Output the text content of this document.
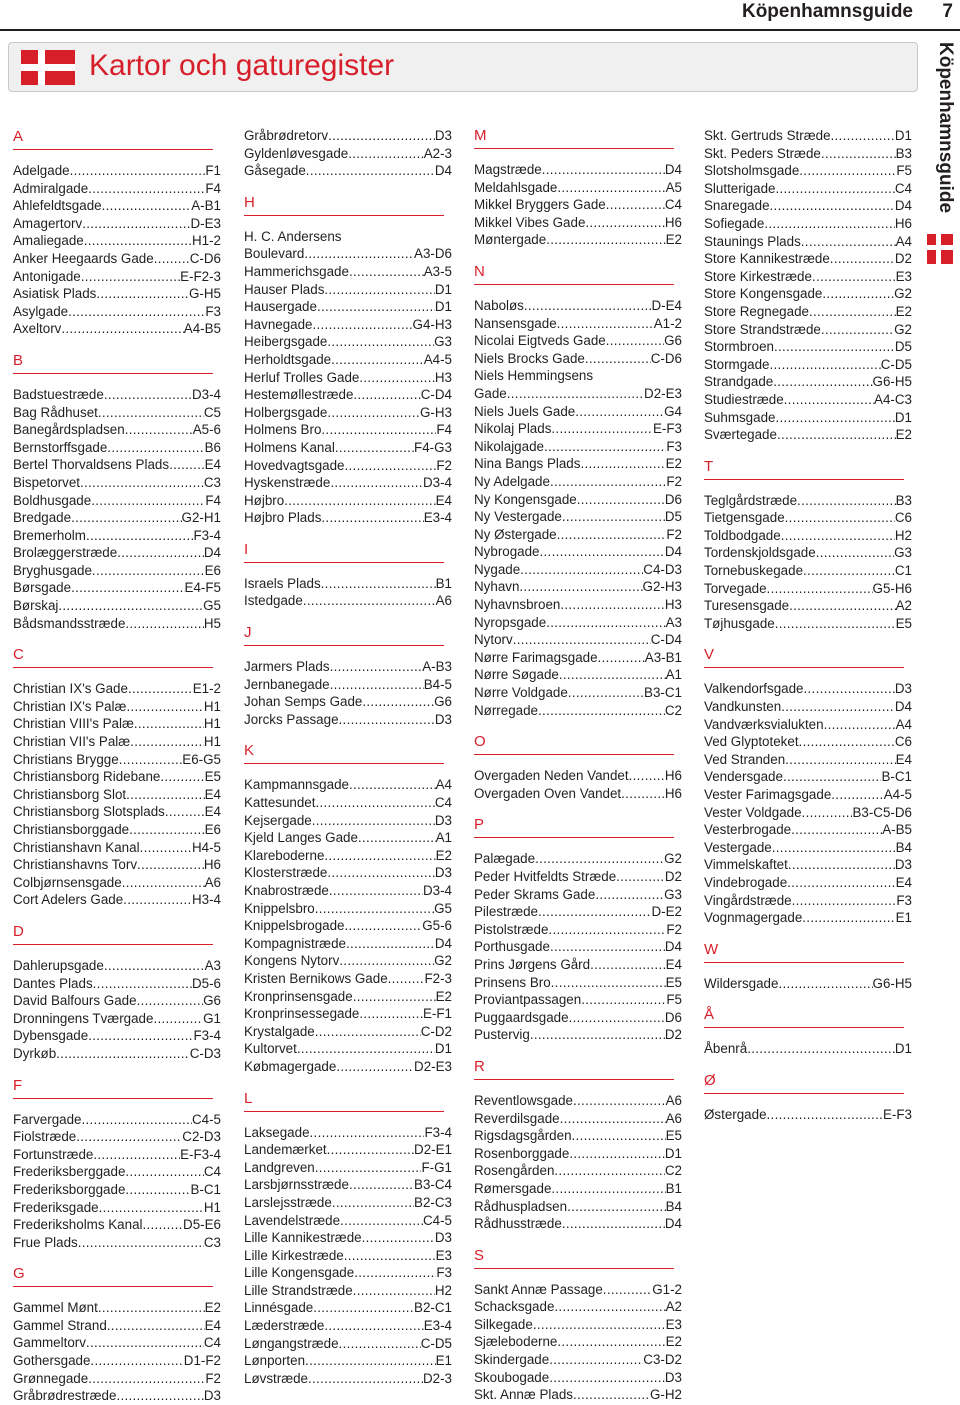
Köpenhamnsguide 7
Kartor och gaturegister	Köpenhamnsguide
A
Adelgade .....	F1
Admiralgade .....	F4
Ahlefeldtsgade .....	A-B1
Amagertorv .....	D-E3
Amaliegade .....	H1-2
Anker Heegaards Gade .....	C-D6
Antonigade .....	E-F2-3
Asiatisk Plads .....	G-H5
Asylgade .....	F3
Axeltorv .....	A4-B5
B
Badstuestræde .....	D3-4
Bag Rådhuset .....	C5
Banegårdspladsen .....	A5-6
Bernstorffsgade .....	B6
Bertel Thorvaldsens Plads .....	E4
Bispetorvet .....	C3
Boldhusgade .....	F4
Bredgade .....	G2-H1
Bremerholm .....	F3-4
Brolæggerstræde .....	D4
Bryghusgade .....	E6
Børsgade .....	E4-F5
Børskaj .....	G5
Bådsmandsstræde .....	H5
C
Christian IX's Gade .....	E1-2
Christian IX's Palæ .....	H1
Christian VIII's Palæ .....	H1
Christian VII's Palæ .....	H1
Christians Brygge .....	E6-G5
Christiansborg Ridebane .....	E5
Christiansborg Slot .....	E4
Christiansborg Slotsplads .....	E4
Christiansborggade .....	E6
Christianshavn Kanal .....	H4-5
Christianshavns Torv .....	H6
Colbjørnsensgade .....	A6
Cort Adelers Gade .....	H3-4
D
Dahlerupsgade .....	A3
Dantes Plads .....	D5-6
David Balfours Gade .....	G6
Dronningens Tværgade .....	G1
Dybensgade .....	F3-4
Dyrkøb .....	C-D3
F
Farvergade .....	C4-5
Fiolstræde .....	C2-D3
Fortunstræde .....	E-F3-4
Frederiksberggade .....	C4
Frederiksborggade .....	B-C1
Frederiksgade .....	H1
Frederiksholms Kanal .....	D5-E6
Frue Plads .....	C3
G
Gammel Mønt .....	E2
Gammel Strand .....	E4
Gammeltorv .....	C4
Gothersgade .....	D1-F2
Grønnegade .....	F2
Gråbrødrestræde .....	D3
Gråbrødretorv .....	D3
Gyldenløvesgade .....	A2-3
Gåsegade .....	D4
H
H. C. Andersens
Boulevard .....	A3-D6
Hammerichsgade .....	A3-5
Hauser Plads .....	D1
Hausergade .....	D1
Havnegade .....	G4-H3
Heibergsgade .....	G3
Herholdtsgade .....	A4-5
Herluf Trolles Gade .....	H3
Hestemøllestræde .....	C-D4
Holbergsgade .....	G-H3
Holmens Bro .....	F4
Holmens Kanal .....	F4-G3
Hovedvagtsgade .....	F2
Hyskenstræde .....	D3-4
Højbro .....	E4
Højbro Plads .....	E3-4
I
Israels Plads .....	B1
Istedgade .....	A6
J
Jarmers Plads .....	A-B3
Jernbanegade .....	B4-5
Johan Semps Gade .....	G6
Jorcks Passage .....	D3
K
Kampmannsgade .....	A4
Kattesundet .....	C4
Kejsergade .....	D3
Kjeld Langes Gade .....	A1
Klareboderne .....	E2
Klosterstræde .....	D3
Knabrostræde .....	D3-4
Knippelsbro .....	G5
Knippelsbrogade .....	G5-6
Kompagnistræde .....	D4
Kongens Nytorv .....	G2
Kristen Bernikows Gade .....	F2-3
Kronprinsensgade .....	E2
Kronprinsessegade .....	E-F1
Krystalgade .....	C-D2
Kultorvet .....	D1
Købmagergade .....	D2-E3
L
Laksegade .....	F3-4
Landemærket .....	D2-E1
Landgreven .....	F-G1
Larsbjørnsstræde .....	B3-C4
Larslejsstræde .....	B2-C3
Lavendelstræde .....	C4-5
Lille Kannikestræde .....	D3
Lille Kirkestræde .....	E3
Lille Kongensgade .....	F3
Lille Strandstræde .....	H2
Linnésgade .....	B2-C1
Læderstræde .....	E3-4
Løngangstræde .....	C-D5
Lønporten .....	E1
Løvstræde .....	D2-3
M
Magstræde .....	D4
Meldahlsgade .....	A5
Mikkel Bryggers Gade .....	C4
Mikkel Vibes Gade .....	H6
Møntergade .....	E2
N
Naboløs .....	D-E4
Nansensgade .....	A1-2
Nicolai Eigtveds Gade .....	G6
Niels Brocks Gade .....	C-D6
Niels Hemmingsens
Gade .....	D2-E3
Niels Juels Gade .....	G4
Nikolaj Plads .....	E-F3
Nikolajgade .....	F3
Nina Bangs Plads .....	E2
Ny Adelgade .....	F2
Ny Kongensgade .....	D6
Ny Vestergade .....	D5
Ny Østergade .....	F2
Nybrogade .....	D4
Nygade .....	C4-D3
Nyhavn .....	G2-H3
Nyhavnsbroen .....	H3
Nyropsgade .....	A3
Nytorv .....	C-D4
Nørre Farimagsgade .....	A3-B1
Nørre Søgade .....	A1
Nørre Voldgade .....	B3-C1
Nørregade .....	C2
O
Overgaden Neden Vandet .....	H6
Overgaden Oven Vandet .....	H6
P
Palægade .....	G2
Peder Hvitfeldts Stræde .....	D2
Peder Skrams Gade .....	G3
Pilestræde .....	D-E2
Pistolstræde .....	F2
Porthusgade .....	D4
Prins Jørgens Gård .....	E4
Prinsens Bro .....	E5
Proviantpassagen .....	F5
Puggaardsgade .....	D6
Pustervig .....	D2
R
Reventlowsgade .....	A6
Reverdilsgade .....	A6
Rigsdagsgården .....	E5
Rosenborggade .....	D1
Rosengården .....	C2
Rømersgade .....	B1
Rådhuspladsen .....	B4
Rådhusstræde .....	D4
S
Sankt Annæ Passage .....	G1-2
Schacksgade .....	A2
Silkegade .....	E3
Sjæleboderne .....	E2
Skindergade .....	C3-D2
Skoubogade .....	D3
Skt. Annæ Plads .....	G-H2
Skt. Gertruds Stræde .....	D1
Skt. Peders Stræde .....	B3
Slotsholmsgade .....	F5
Slutterigade .....	C4
Snaregade .....	D4
Sofiegade .....	H6
Staunings Plads .....	A4
Store Kannikestræde .....	D2
Store Kirkestræde .....	E3
Store Kongensgade .....	G2
Store Regnegade .....	E2
Store Strandstræde .....	G2
Stormbroen .....	D5
Stormgade .....	C-D5
Strandgade .....	G6-H5
Studiestræde .....	A4-C3
Suhmsgade .....	D1
Sværtegade .....	E2
T
Teglgårdstræde .....	B3
Tietgensgade .....	C6
Toldbodgade .....	H2
Tordenskjoldsgade .....	G3
Tornebuskegade .....	C1
Torvegade .....	G5-H6
Turesensgade .....	A2
Tøjhusgade .....	E5
V
Valkendorfsgade .....	D3
Vandkunsten .....	D4
Vandværksvialukten .....	A4
Ved Glyptoteket .....	C6
Ved Stranden .....	E4
Vendersgade .....	B-C1
Vester Farimagsgade .....	A4-5
Vester Voldgade .....	B3-C5-D6
Vesterbrogade .....	A-B5
Vestergade .....	B4
Vimmelskaftet .....	D3
Vindebrogade .....	E4
Vingårdstræde .....	F3
Vognmagergade .....	E1
W
Wildersgade .....	G6-H5
Å
Åbenrå .....	D1
Ø
Østergade .....	E-F3
